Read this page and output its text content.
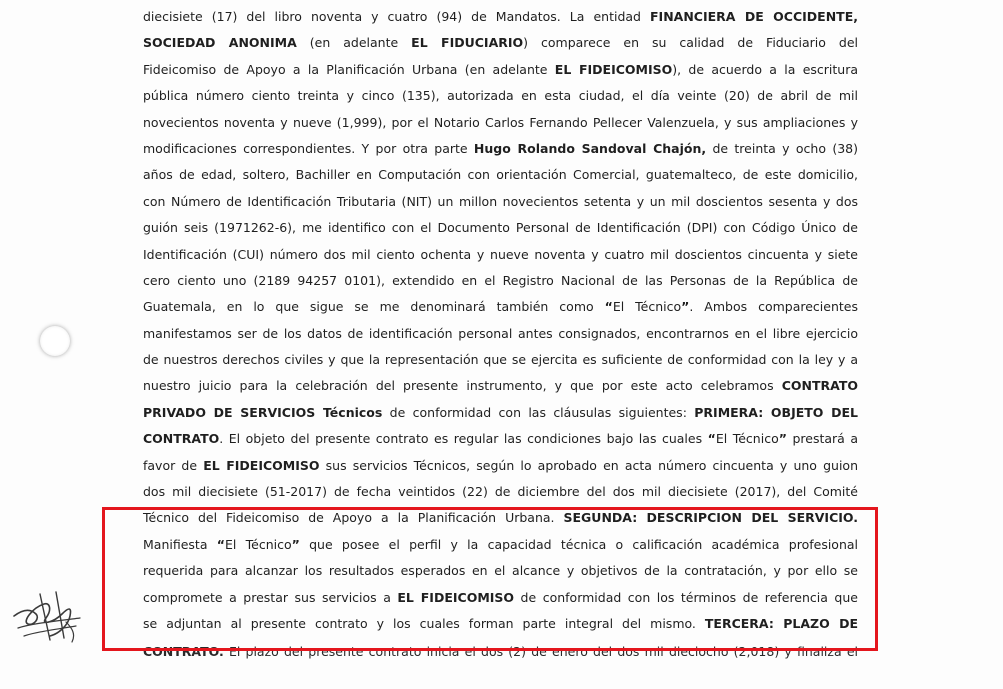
diecisiete (17) del libro noventa y cuatro (94) de Mandatos. La entidad FINANCIERA DE OCCIDENTE,
SOCIEDAD ANONIMA (en adelante EL FIDUCIARIO) comparece en su calidad de Fiduciario del
Fideicomiso de Apoyo a la Planificación Urbana (en adelante EL FIDEICOMISO), de acuerdo a la escritura
pública número ciento treinta y cinco (135), autorizada en esta ciudad, el día veinte (20) de abril de mil
novecientos noventa y nueve (1,999), por el Notario Carlos Fernando Pellecer Valenzuela, y sus ampliaciones y
modificaciones correspondientes. Y por otra parte Hugo Rolando Sandoval Chajón, de treinta y ocho (38)
años de edad, soltero, Bachiller en Computación con orientación Comercial, guatemalteco, de este domicilio,
con Número de Identificación Tributaria (NIT) un millon novecientos setenta y un mil doscientos sesenta y dos
guión seis (1971262-6), me identifico con el Documento Personal de Identificación (DPI) con Código Único de
Identificación (CUI) número dos mil ciento ochenta y nueve noventa y cuatro mil doscientos cincuenta y siete
cero ciento uno (2189 94257 0101), extendido en el Registro Nacional de las Personas de la República de
Guatemala, en lo que sigue se me denominará también como “El Técnico”. Ambos comparecientes
manifestamos ser de los datos de identificación personal antes consignados, encontrarnos en el libre ejercicio
de nuestros derechos civiles y que la representación que se ejercita es suficiente de conformidad con la ley y a
nuestro juicio para la celebración del presente instrumento, y que por este acto celebramos CONTRATO
PRIVADO DE SERVICIOS Técnicos de conformidad con las cláusulas siguientes: PRIMERA: OBJETO DEL
CONTRATO. El objeto del presente contrato es regular las condiciones bajo las cuales “El Técnico” prestará a
favor de EL FIDEICOMISO sus servicios Técnicos, según lo aprobado en acta número cincuenta y uno guion
dos mil diecisiete (51-2017) de fecha veintidos (22) de diciembre del dos mil diecisiete (2017), del Comité
Técnico del Fideicomiso de Apoyo a la Planificación Urbana. SEGUNDA: DESCRIPCION DEL SERVICIO.
Manifiesta “El Técnico” que posee el perfil y la capacidad técnica o calificación académica profesional
requerida para alcanzar los resultados esperados en el alcance y objetivos de la contratación, y por ello se
compromete a prestar sus servicios a EL FIDEICOMISO de conformidad con los términos de referencia que
se adjuntan al presente contrato y los cuales forman parte integral del mismo. TERCERA: PLAZO DE
CONTRATO. El plazo del presente contrato inicia el dos (2) de enero del dos mil dieciocho (2,018) y finaliza el
